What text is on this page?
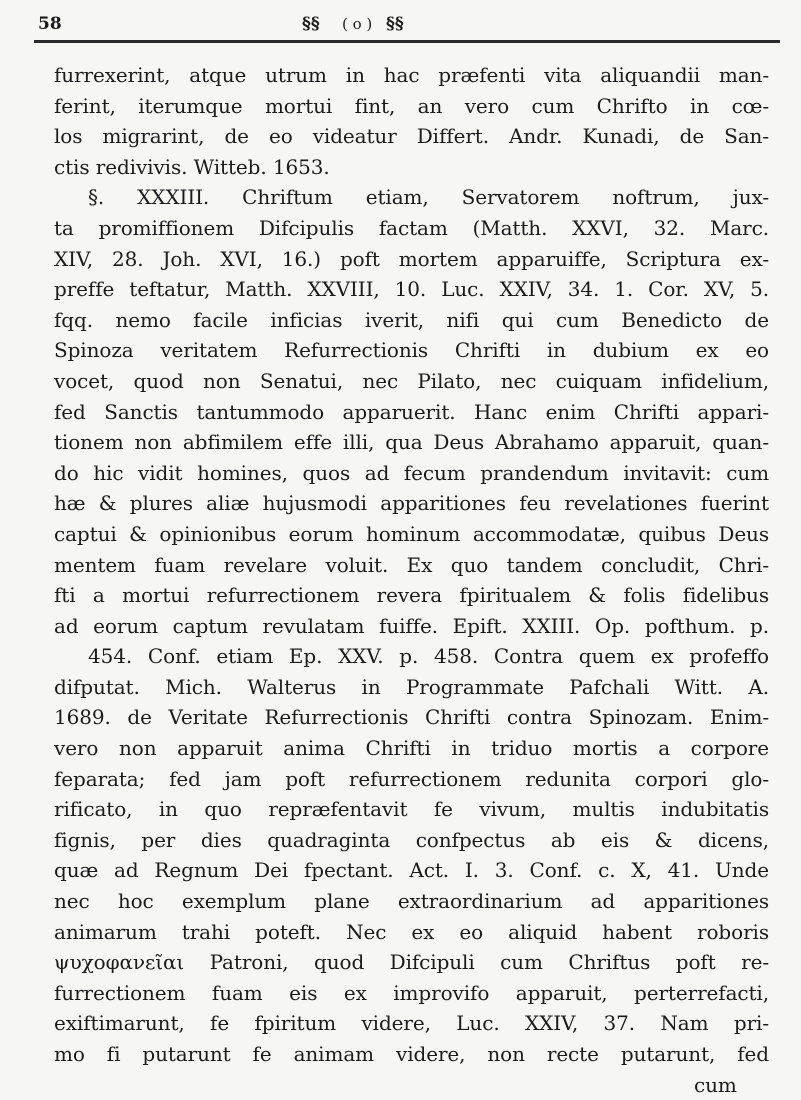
58	§§ ( o ) §§
furrexerint, atque utrum in hac præfenti vita aliquandii man-
ferint, iterumque mortui fint, an vero cum Chrifto in cœ-
los migrarint, de eo videatur Differt. Andr. Kunadi, de San-
ctis redivivis. Witteb. 1653.
§. XXXIII. Chriftum etiam, Servatorem noftrum, jux-
ta promiffionem Difcipulis factam (Matth. XXVI, 32. Marc.
XIV, 28. Joh. XVI, 16.) poft mortem apparuiffe, Scriptura ex-
preffe teftatur, Matth. XXVIII, 10. Luc. XXIV, 34. 1. Cor. XV, 5.
fqq. nemo facile inficias iverit, nifi qui cum Benedicto de
Spinoza veritatem Refurrectionis Chrifti in dubium ex eo
vocet, quod non Senatui, nec Pilato, nec cuiquam infidelium,
fed Sanctis tantummodo apparuerit. Hanc enim Chrifti appari-
tionem non abfimilem effe illi, qua Deus Abrahamo apparuit, quan-
do hic vidit homines, quos ad fecum prandendum invitavit: cum
hæ & plures aliæ hujusmodi apparitiones feu revelationes fuerint
captui & opinionibus eorum hominum accommodatæ, quibus Deus
mentem fuam revelare voluit. Ex quo tandem concludit, Chri-
fti a mortui refurrectionem revera fpiritualem & folis fidelibus
ad eorum captum revulatam fuiffe. Epift. XXIII. Op. pofthum. p.
454. Conf. etiam Ep. XXV. p. 458. Contra quem ex profeffo
difputat. Mich. Walterus in Programmate Pafchali Witt. A.
1689. de Veritate Refurrectionis Chrifti contra Spinozam. Enim-
vero non apparuit anima Chrifti in triduo mortis a corpore
feparata; fed jam poft refurrectionem redunita corpori glo-
rificato, in quo repræfentavit fe vivum, multis indubitatis
fignis, per dies quadraginta confpectus ab eis & dicens,
quæ ad Regnum Dei fpectant. Act. I. 3. Conf. c. X, 41. Unde
nec hoc exemplum plane extraordinarium ad apparitiones
animarum trahi poteft. Nec ex eo aliquid habent roboris
ψυχοφανεῖαι Patroni, quod Difcipuli cum Chriftus poft re-
furrectionem fuam eis ex improvifo apparuit, perterrefacti,
exiftimarunt, fe fpiritum videre, Luc. XXIV, 37. Nam pri-
mo fi putarunt fe animam videre, non recte putarunt, fed
cum
